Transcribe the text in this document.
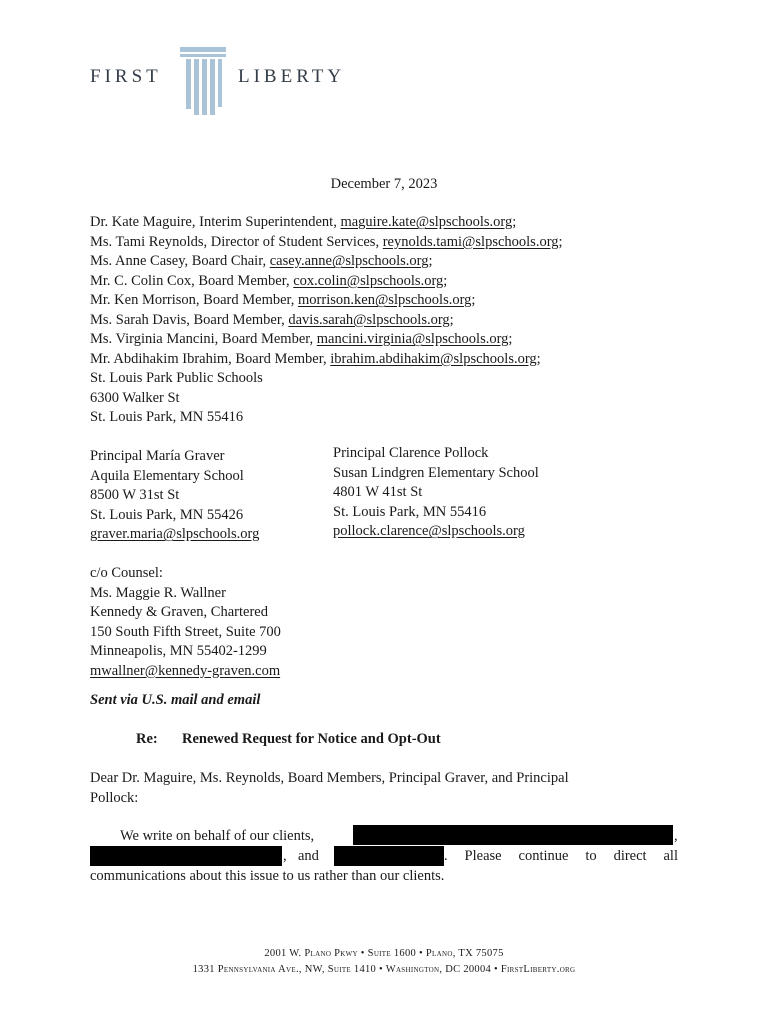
FIRST	LIBERTY
December 7, 2023
Dr. Kate Maguire, Interim Superintendent, maguire.kate@slpschools.org;
Ms. Tami Reynolds, Director of Student Services, reynolds.tami@slpschools.org;
Ms. Anne Casey, Board Chair, casey.anne@slpschools.org;
Mr. C. Colin Cox, Board Member, cox.colin@slpschools.org;
Mr. Ken Morrison, Board Member, morrison.ken@slpschools.org;
Ms. Sarah Davis, Board Member, davis.sarah@slpschools.org;
Ms. Virginia Mancini, Board Member, mancini.virginia@slpschools.org;
Mr. Abdihakim Ibrahim, Board Member, ibrahim.abdihakim@slpschools.org;
St. Louis Park Public Schools
6300 Walker St
St. Louis Park, MN 55416
Principal María Graver
Aquila Elementary School
8500 W 31st St
St. Louis Park, MN 55426
graver.maria@slpschools.org
Principal Clarence Pollock
Susan Lindgren Elementary School
4801 W 41st St
St. Louis Park, MN 55416
pollock.clarence@slpschools.org
c/o Counsel:
Ms. Maggie R. Wallner
Kennedy & Graven, Chartered
150 South Fifth Street, Suite 700
Minneapolis, MN 55402-1299
mwallner@kennedy-graven.com
Sent via U.S. mail and email
Re: Renewed Request for Notice and Opt-Out
Dear Dr. Maguire, Ms. Reynolds, Board Members, Principal Graver, and Principal
Pollock:
We write on behalf of our clients,	,
, and	. Please continue to direct all
communications about this issue to us rather than our clients.
2001 W. Plano Pkwy • Suite 1600 • Plano, TX 75075
1331 Pennsylvania Ave., NW, Suite 1410 • Washington, DC 20004 • FirstLiberty.org
